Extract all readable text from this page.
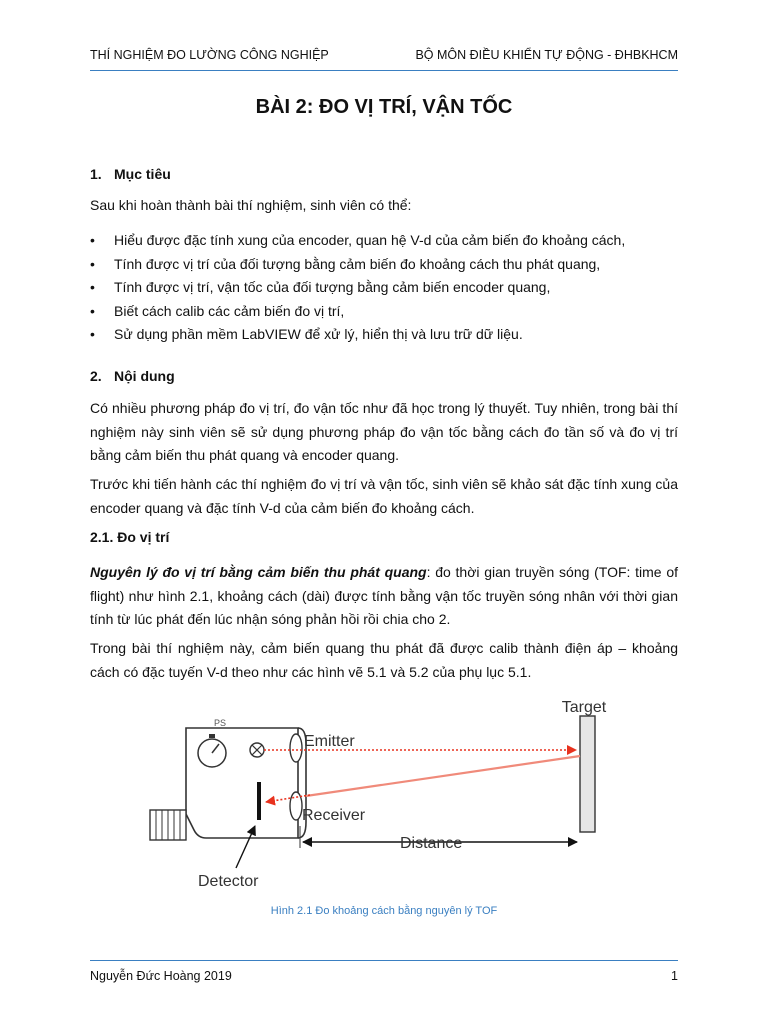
THÍ NGHIỆM ĐO LƯỜNG CÔNG NGHIỆP	BỘ MÔN ĐIỀU KHIỂN TỰ ĐỘNG - ĐHBKHCM
BÀI 2: ĐO VỊ TRÍ, VẬN TỐC
1. Mục tiêu

Sau khi hoàn thành bài thí nghiệm, sinh viên có thể:

• Hiểu được đặc tính xung của encoder, quan hệ V-d của cảm biến đo khoảng cách,
• Tính được vị trí của đối tượng bằng cảm biến đo khoảng cách thu phát quang,
• Tính được vị trí, vận tốc của đối tượng bằng cảm biến encoder quang,
• Biết cách calib các cảm biến đo vị trí,
• Sử dụng phần mềm LabVIEW để xử lý, hiển thị và lưu trữ dữ liệu.
2. Nội dung

Có nhiều phương pháp đo vị trí, đo vận tốc như đã học trong lý thuyết. Tuy nhiên, trong bài thí nghiệm này sinh viên sẽ sử dụng phương pháp đo vận tốc bằng cách đo tần số và đo vị trí bằng cảm biến thu phát quang và encoder quang.

Trước khi tiến hành các thí nghiệm đo vị trí và vận tốc, sinh viên sẽ khảo sát đặc tính xung của encoder quang và đặc tính V-d của cảm biến đo khoảng cách.

2.1. Đo vị trí

Nguyên lý đo vị trí bằng cảm biến thu phát quang: đo thời gian truyền sóng (TOF: time of flight) như hình 2.1, khoảng cách (dài) được tính bằng vận tốc truyền sóng nhân với thời gian tính từ lúc phát đến lúc nhận sóng phản hồi rồi chia cho 2.

Trong bài thí nghiệm này, cảm biến quang thu phát đã được calib thành điện áp – khoảng cách có đặc tuyến V-d theo như các hình vẽ 5.1 và 5.2 của phụ lục 5.1.

PS
Target
Emitter
Receiver
Distance
Detector
Hình 2.1 Đo khoảng cách bằng nguyên lý TOF
Nguyễn Đức Hoàng 2019	1
